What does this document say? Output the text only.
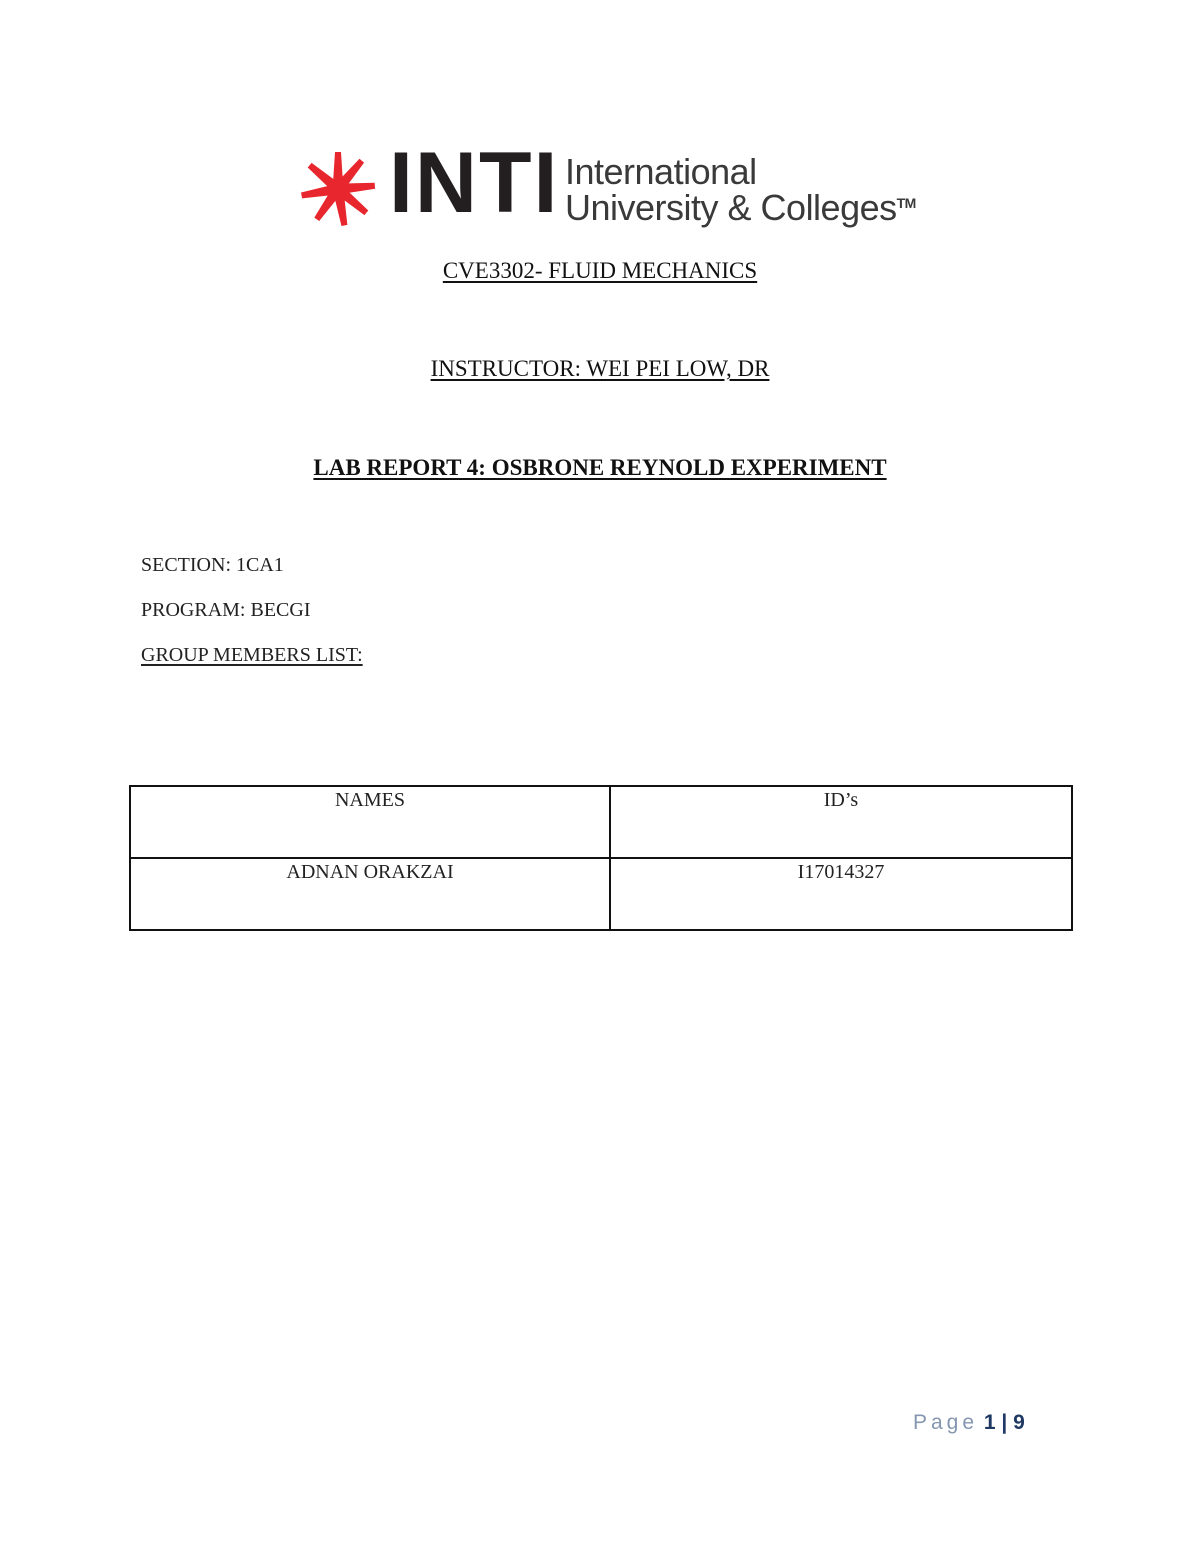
INTI International
University & Colleges™
CVE3302- FLUID MECHANICS
INSTRUCTOR: WEI PEI LOW, DR
LAB REPORT 4: OSBRONE REYNOLD EXPERIMENT
SECTION: 1CA1
PROGRAM: BECGI
GROUP MEMBERS LIST:
NAMES	ID’s
ADNAN ORAKZAI	I17014327
Page 1 | 9
